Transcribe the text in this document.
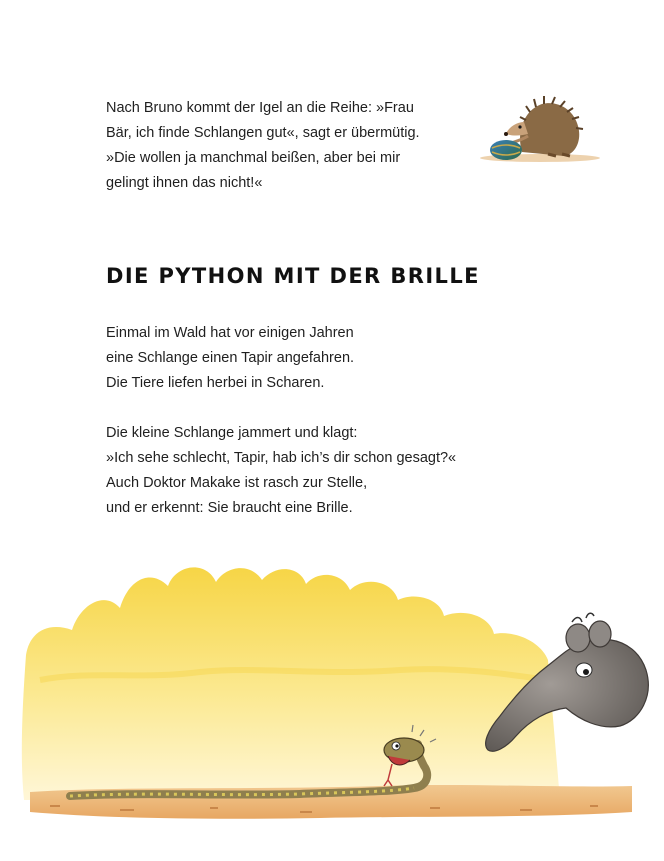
Nach Bruno kommt der Igel an die Reihe: »Frau
Bär, ich finde Schlangen gut«, sagt er übermütig.
»Die wollen ja manchmal beißen, aber bei mir
gelingt ihnen das nicht!«

DIE PYTHON MIT DER BRILLE

Einmal im Wald hat vor einigen Jahren
eine Schlange einen Tapir angefahren.
Die Tiere liefen herbei in Scharen.

Die kleine Schlange jammert und klagt:
»Ich sehe schlecht, Tapir, hab ich’s dir schon gesagt?«
Auch Doktor Makake ist rasch zur Stelle,
und er erkennt: Sie braucht eine Brille.
